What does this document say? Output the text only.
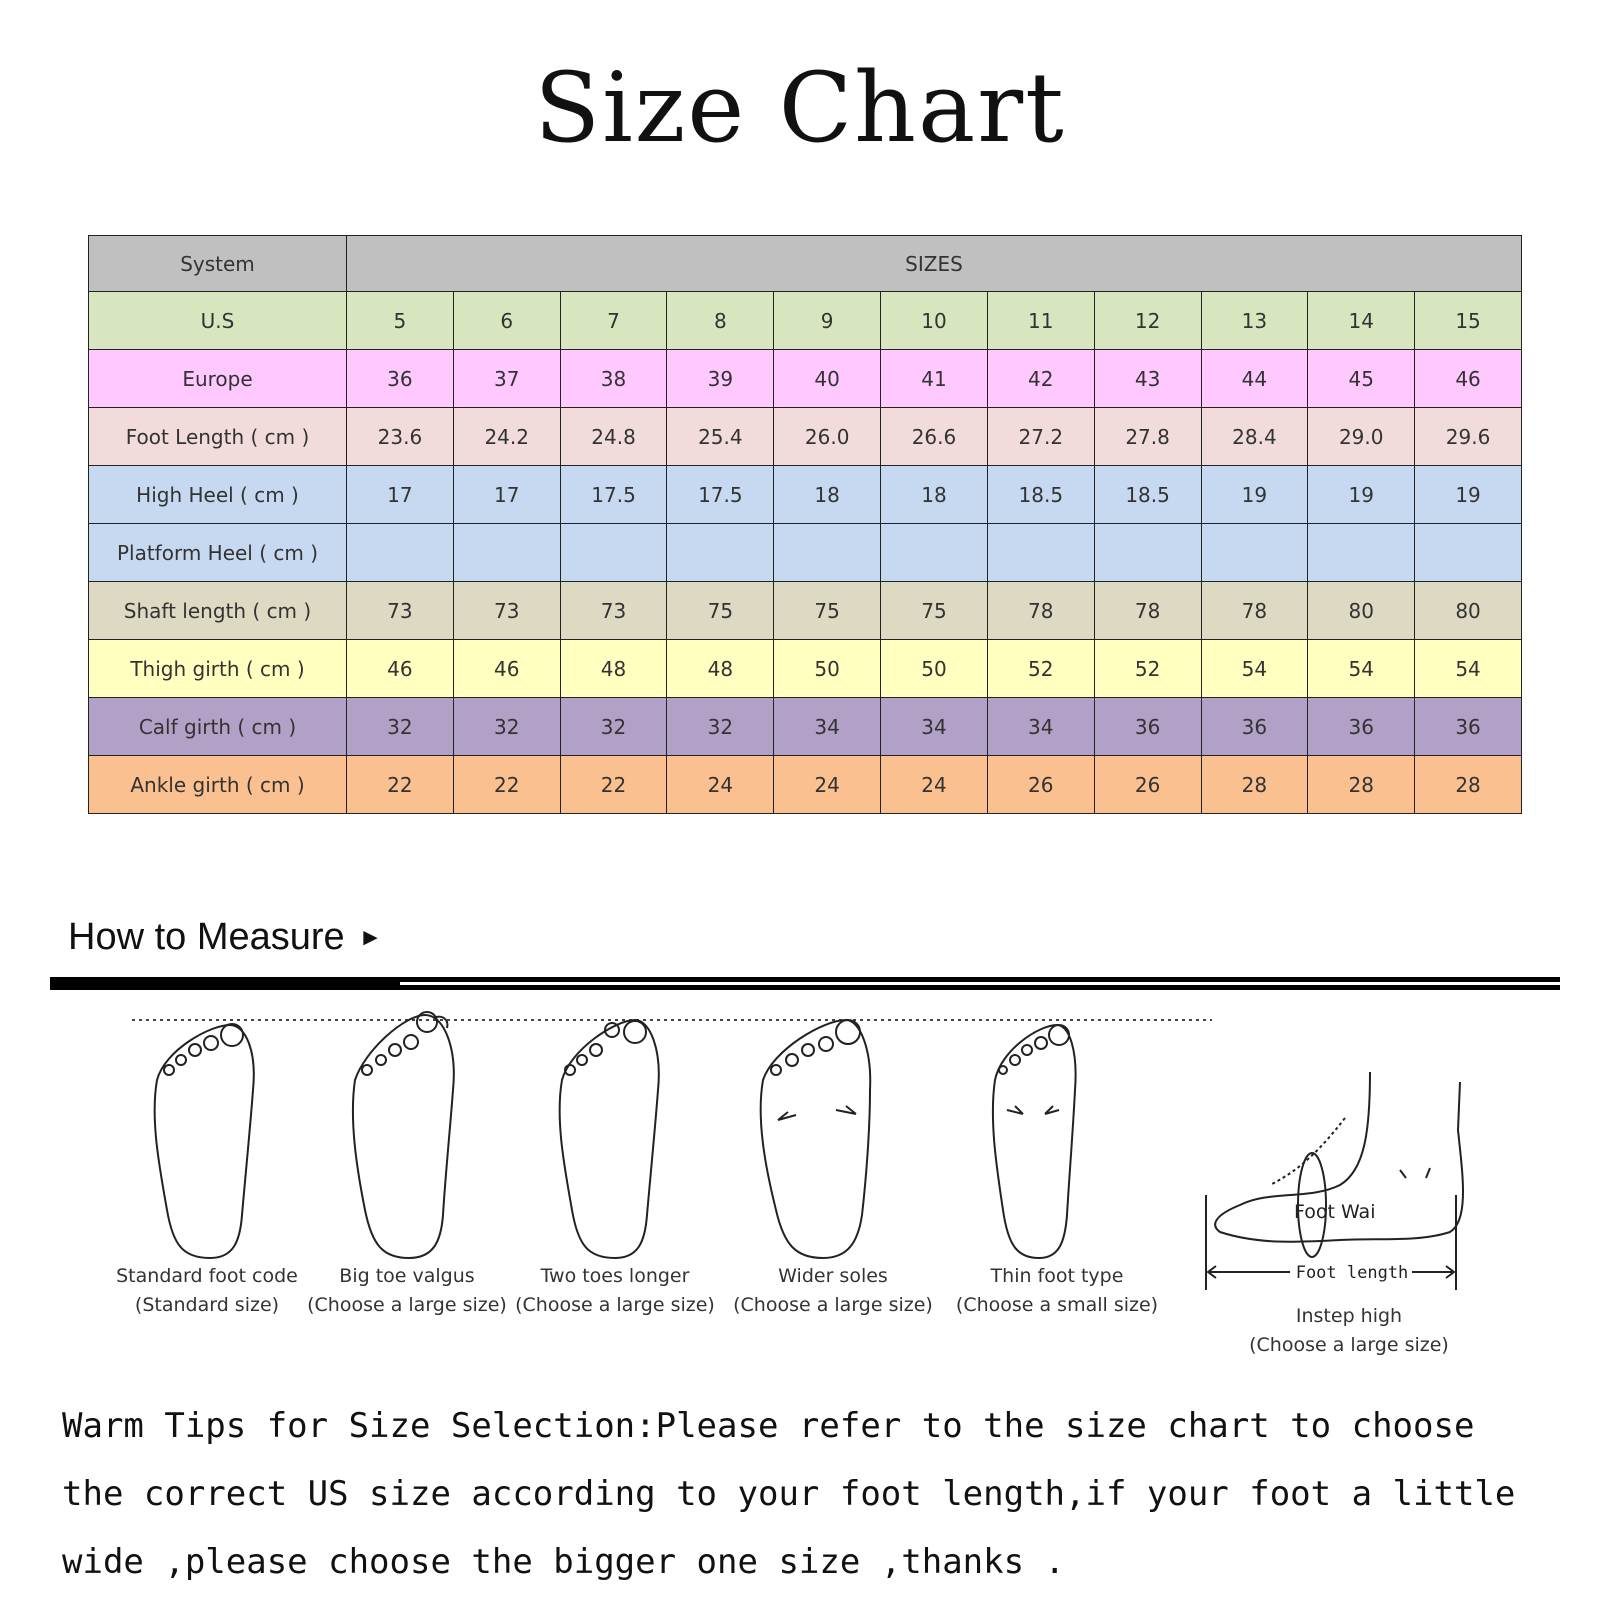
Size Chart
System	SIZES										
U.S	5	6	7	8	9	10	11	12	13	14	15
Europe	36	37	38	39	40	41	42	43	44	45	46
Foot Length ( cm )	23.6	24.2	24.8	25.4	26.0	26.6	27.2	27.8	28.4	29.0	29.6
High Heel ( cm )	17	17	17.5	17.5	18	18	18.5	18.5	19	19	19
Platform Heel ( cm )											
Shaft length ( cm )	73	73	73	75	75	75	78	78	78	80	80
Thigh girth ( cm )	46	46	48	48	50	50	52	52	54	54	54
Calf girth ( cm )	32	32	32	32	34	34	34	36	36	36	36
Ankle girth ( cm )	22	22	22	24	24	24	26	26	28	28	28
How to Measure ►
Foot Wai
Foot length
Standard foot code
(Standard size)
Big toe valgus
(Choose a large size)
Two toes longer
(Choose a large size)
Wider soles
(Choose a large size)
Thin foot type
(Choose a small size)	Instep high
(Choose a large size)
Warm Tips for Size Selection:Please refer to the size chart to choose
the correct US size according to your foot length,if your foot a little
wide ,please choose the bigger one size ,thanks .
